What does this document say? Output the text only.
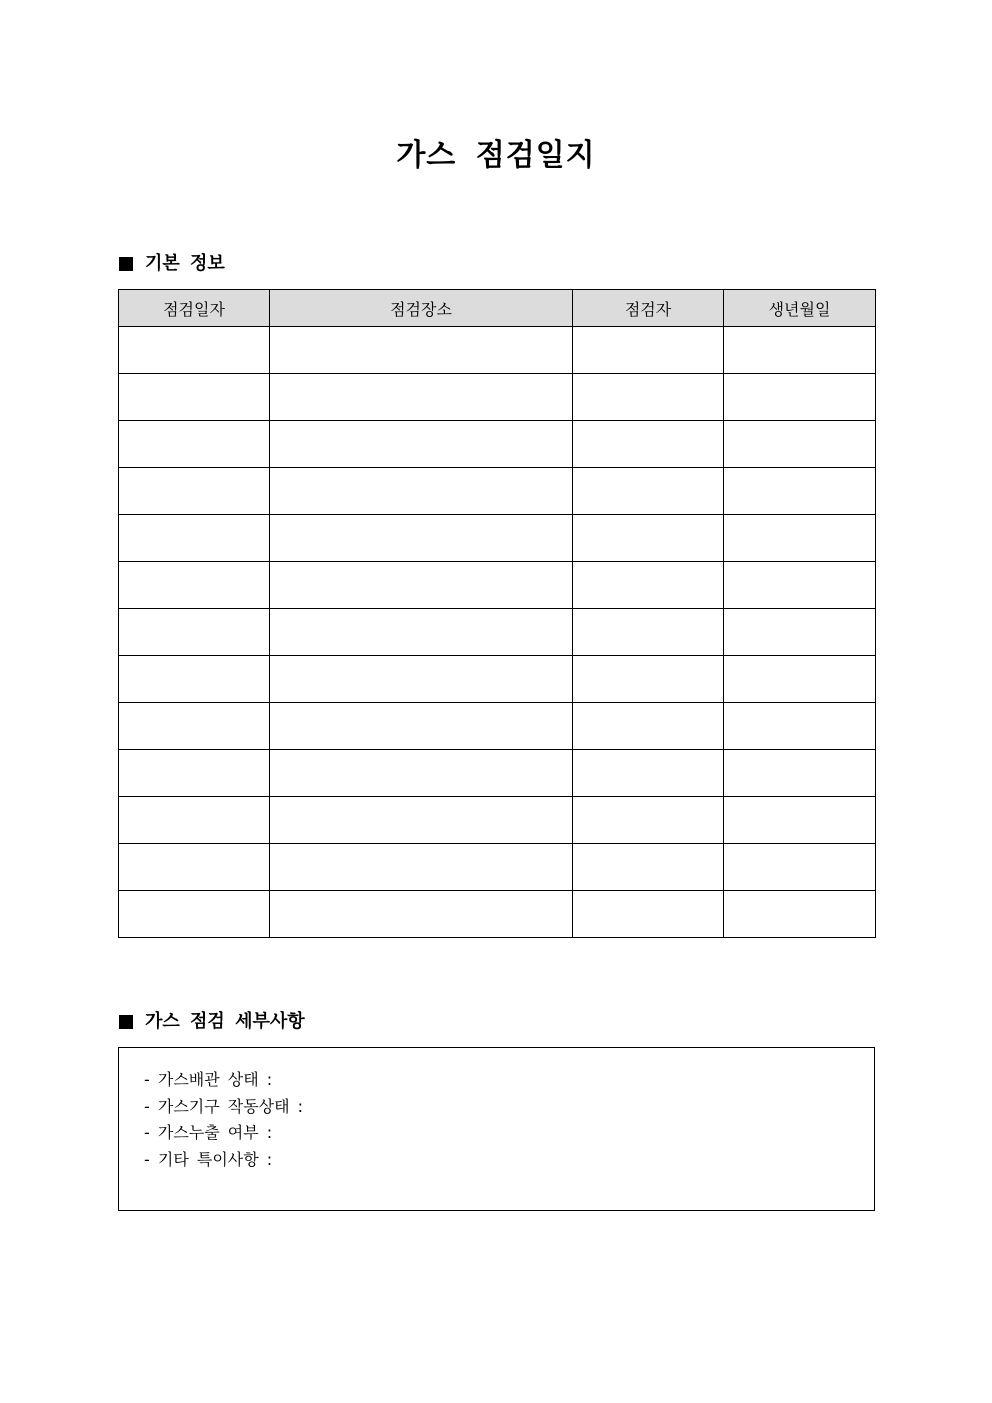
가스 점검일지
기본 정보
점검일자	점검장소	점검자	생년월일

가스 점검 세부사항
- 가스배관 상태 :
- 가스기구 작동상태 :
- 가스누출 여부 :
- 기타 특이사항 :
